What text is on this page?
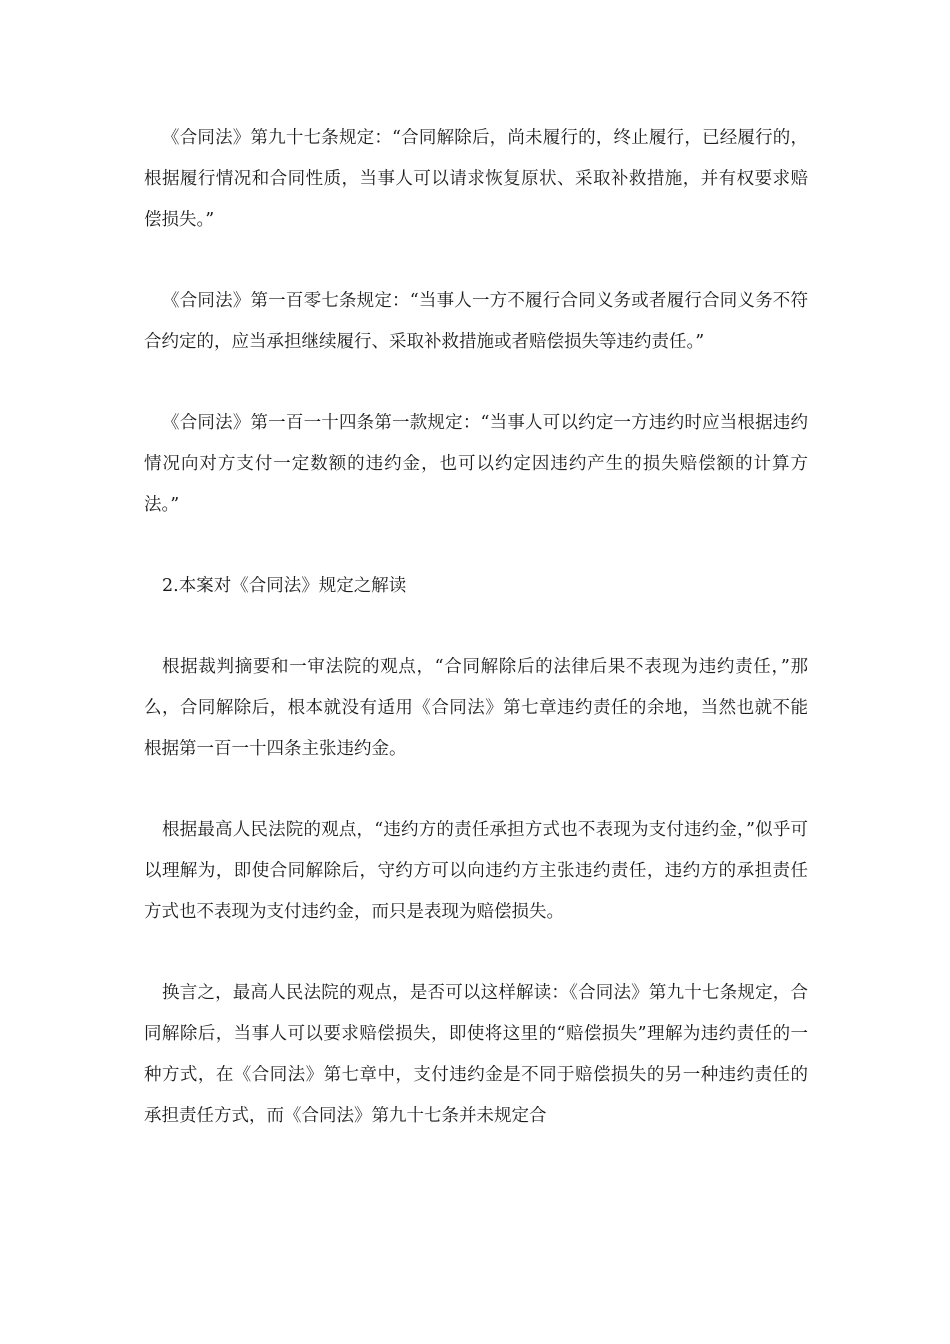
《合同法》第九十七条规定：“合同解除后，尚未履行的，终止履行，已经履行的，根据履行情况和合同性质，当事人可以请求恢复原状、采取补救措施，并有权要求赔偿损失。”

《合同法》第一百零七条规定：“当事人一方不履行合同义务或者履行合同义务不符合约定的，应当承担继续履行、采取补救措施或者赔偿损失等违约责任。”

《合同法》第一百一十四条第一款规定：“当事人可以约定一方违约时应当根据违约情况向对方支付一定数额的违约金，也可以约定因违约产生的损失赔偿额的计算方法。”

2.本案对《合同法》规定之解读

根据裁判摘要和一审法院的观点，“合同解除后的法律后果不表现为违约责任，”那么，合同解除后，根本就没有适用《合同法》第七章违约责任的余地，当然也就不能根据第一百一十四条主张违约金。

根据最高人民法院的观点，“违约方的责任承担方式也不表现为支付违约金，”似乎可以理解为，即使合同解除后，守约方可以向违约方主张违约责任，违约方的承担责任方式也不表现为支付违约金，而只是表现为赔偿损失。

换言之，最高人民法院的观点，是否可以这样解读：《合同法》第九十七条规定，合同解除后，当事人可以要求赔偿损失，即使将这里的“赔偿损失”理解为违约责任的一种方式，在《合同法》第七章中，支付违约金是不同于赔偿损失的另一种违约责任的承担责任方式，而《合同法》第九十七条并未规定合
